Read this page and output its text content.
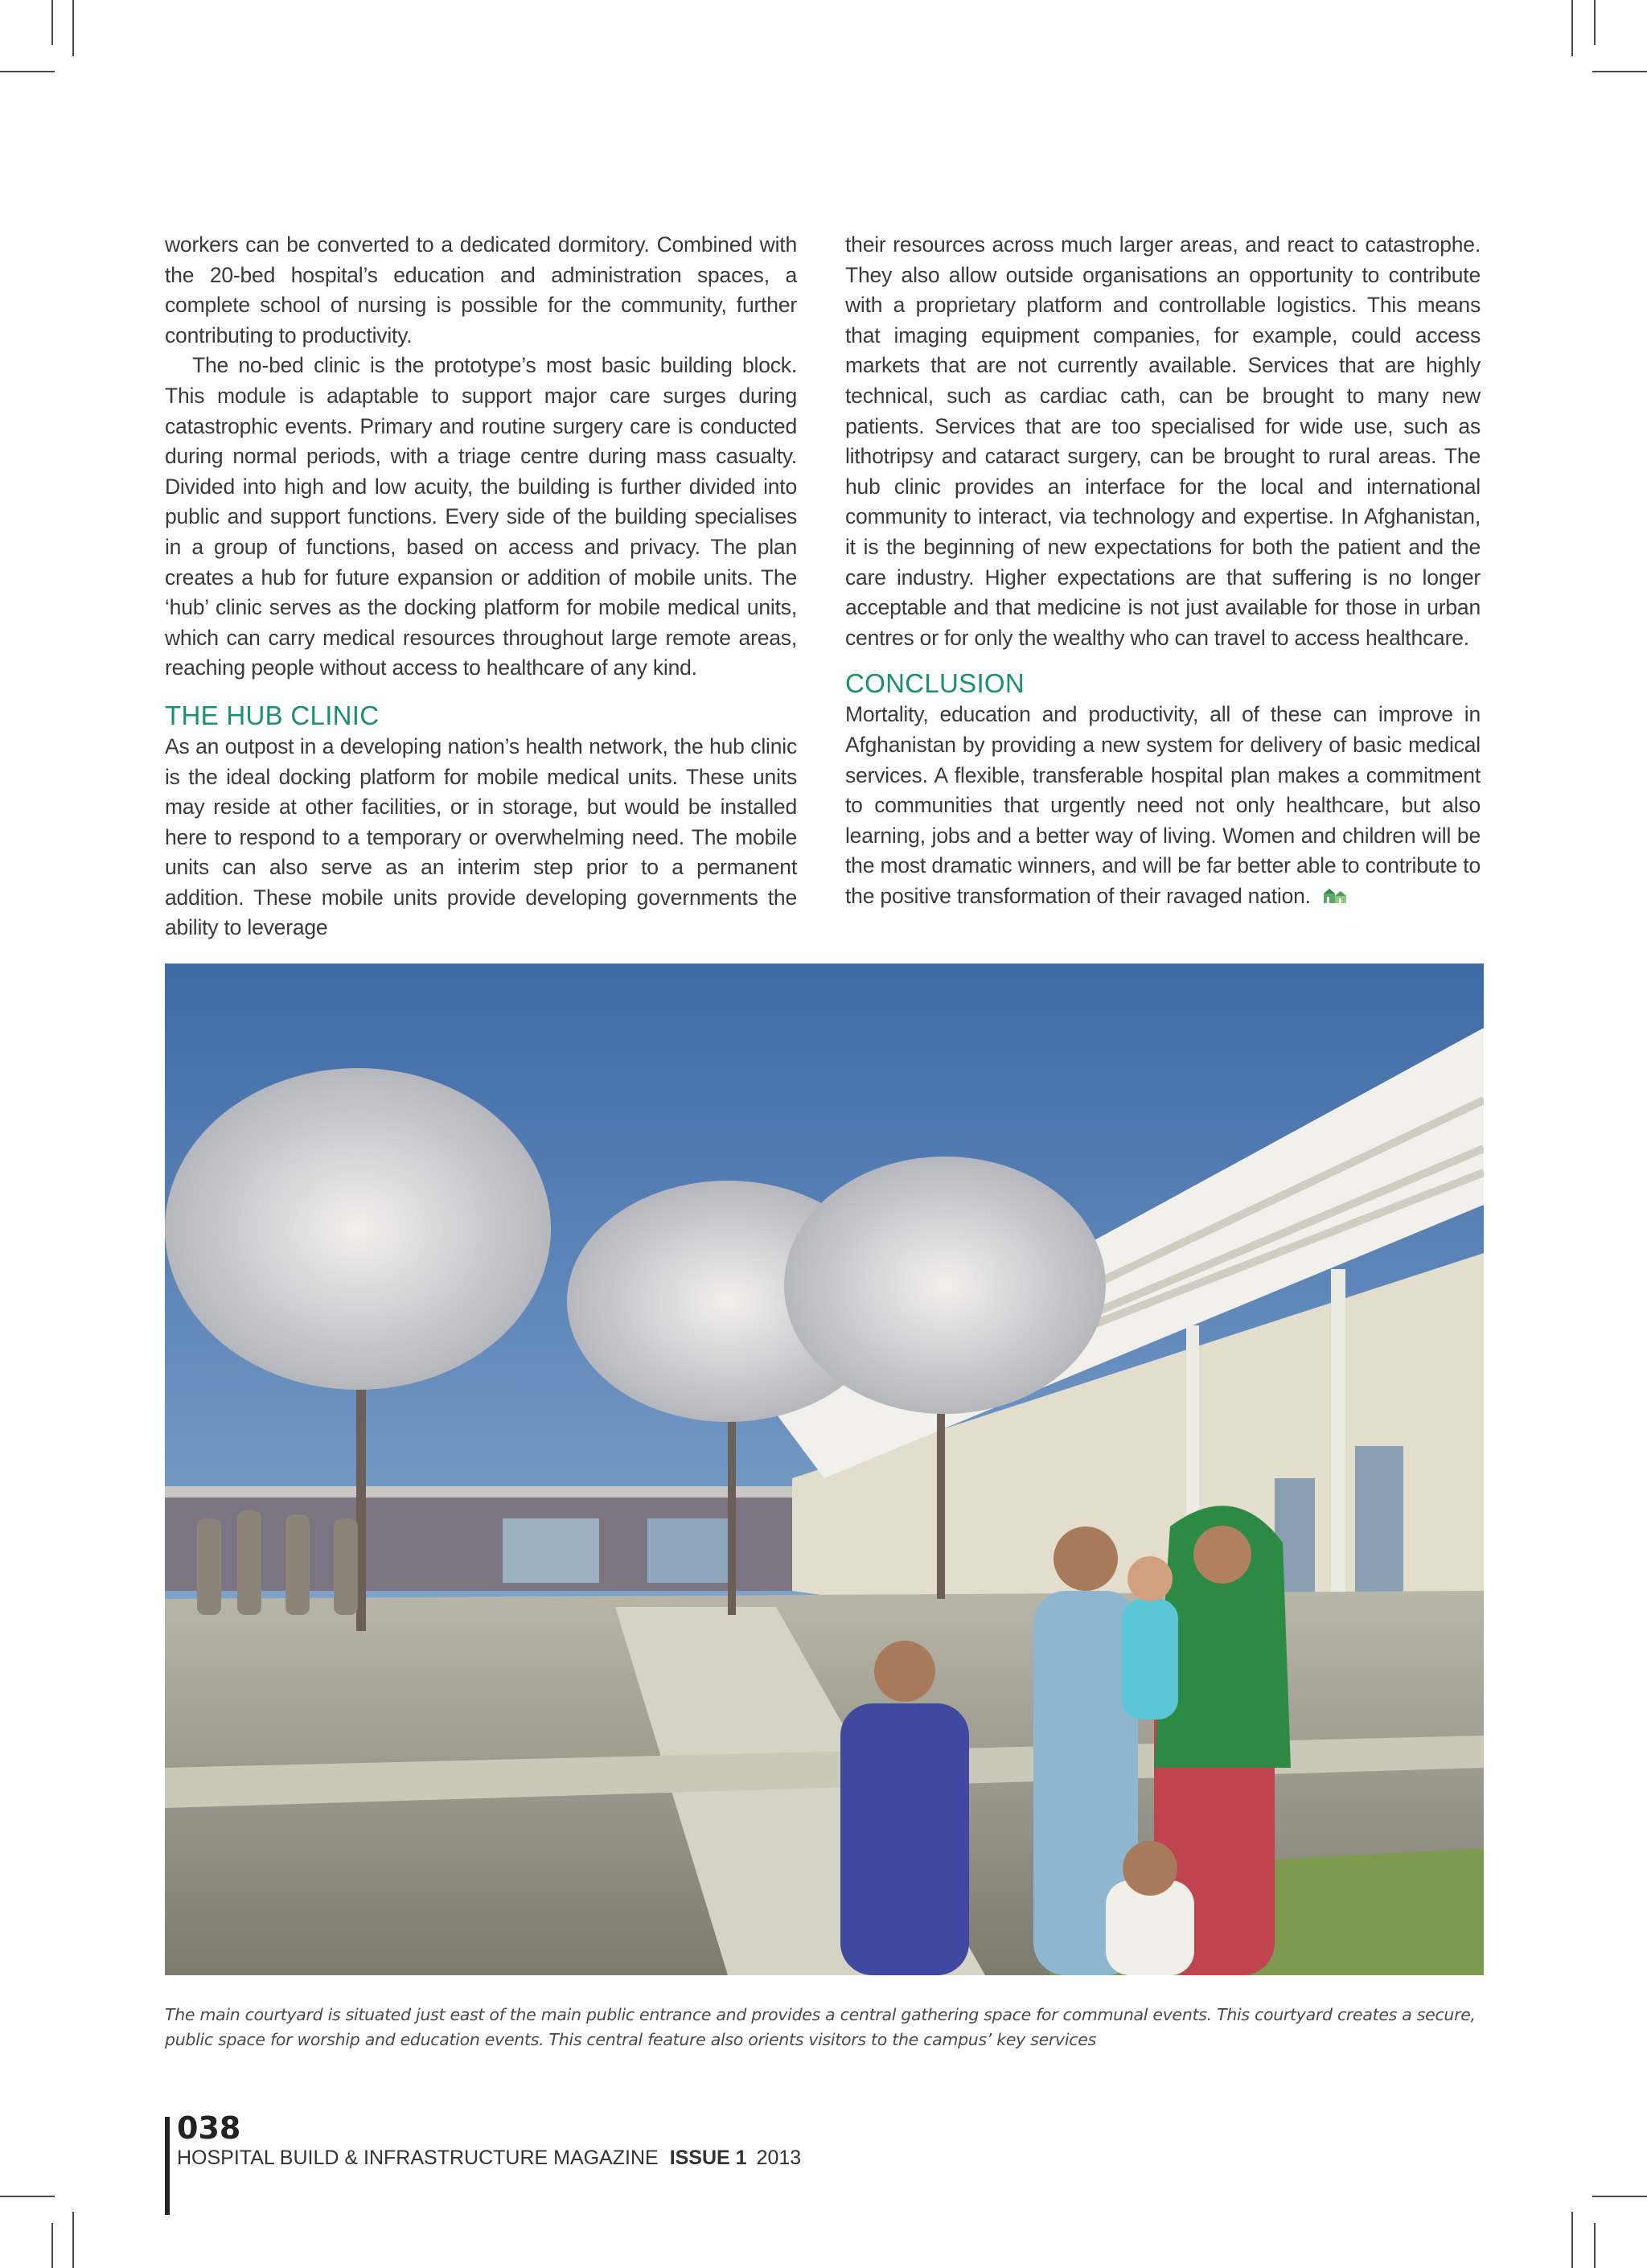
workers can be converted to a dedicated dormitory. Combined with the 20-bed hospital’s education and administration spaces, a complete school of nursing is possible for the community, further contributing to productivity.

The no-bed clinic is the prototype’s most basic building block. This module is adaptable to support major care surges during catastrophic events. Primary and routine surgery care is conducted during normal periods, with a triage centre during mass casualty. Divided into high and low acuity, the building is further divided into public and support functions. Every side of the building specialises in a group of functions, based on access and privacy. The plan creates a hub for future expansion or addition of mobile units. The ‘hub’ clinic serves as the docking platform for mobile medical units, which can carry medical resources throughout large remote areas, reaching people without access to healthcare of any kind.

THE HUB CLINIC

As an outpost in a developing nation’s health network, the hub clinic is the ideal docking platform for mobile medical units. These units may reside at other facilities, or in storage, but would be installed here to respond to a temporary or overwhelming need. The mobile units can also serve as an interim step prior to a permanent addition. These mobile units provide developing governments the ability to leverage

their resources across much larger areas, and react to catastrophe. They also allow outside organisations an opportunity to contribute with a proprietary platform and controllable logistics. This means that imaging equipment companies, for example, could access markets that are not currently available. Services that are highly technical, such as cardiac cath, can be brought to many new patients. Services that are too specialised for wide use, such as lithotripsy and cataract surgery, can be brought to rural areas. The hub clinic provides an interface for the local and international community to interact, via technology and expertise. In Afghanistan, it is the beginning of new expectations for both the patient and the care industry. Higher expectations are that suffering is no longer acceptable and that medicine is not just available for those in urban centres or for only the wealthy who can travel to access healthcare.

CONCLUSION

Mortality, education and productivity, all of these can improve in Afghanistan by providing a new system for delivery of basic medical services. A flexible, transferable hospital plan makes a commitment to communities that urgently need not only healthcare, but also learning, jobs and a better way of living. Women and children will be the most dramatic winners, and will be far better able to contribute to the positive transformation of their ravaged nation.

The main courtyard is situated just east of the main public entrance and provides a central gathering space for communal events. This courtyard creates a secure, public space for worship and education events. This central feature also orients visitors to the campus’ key services
038
HOSPITAL BUILD & INFRASTRUCTURE MAGAZINE ISSUE 1 2013
